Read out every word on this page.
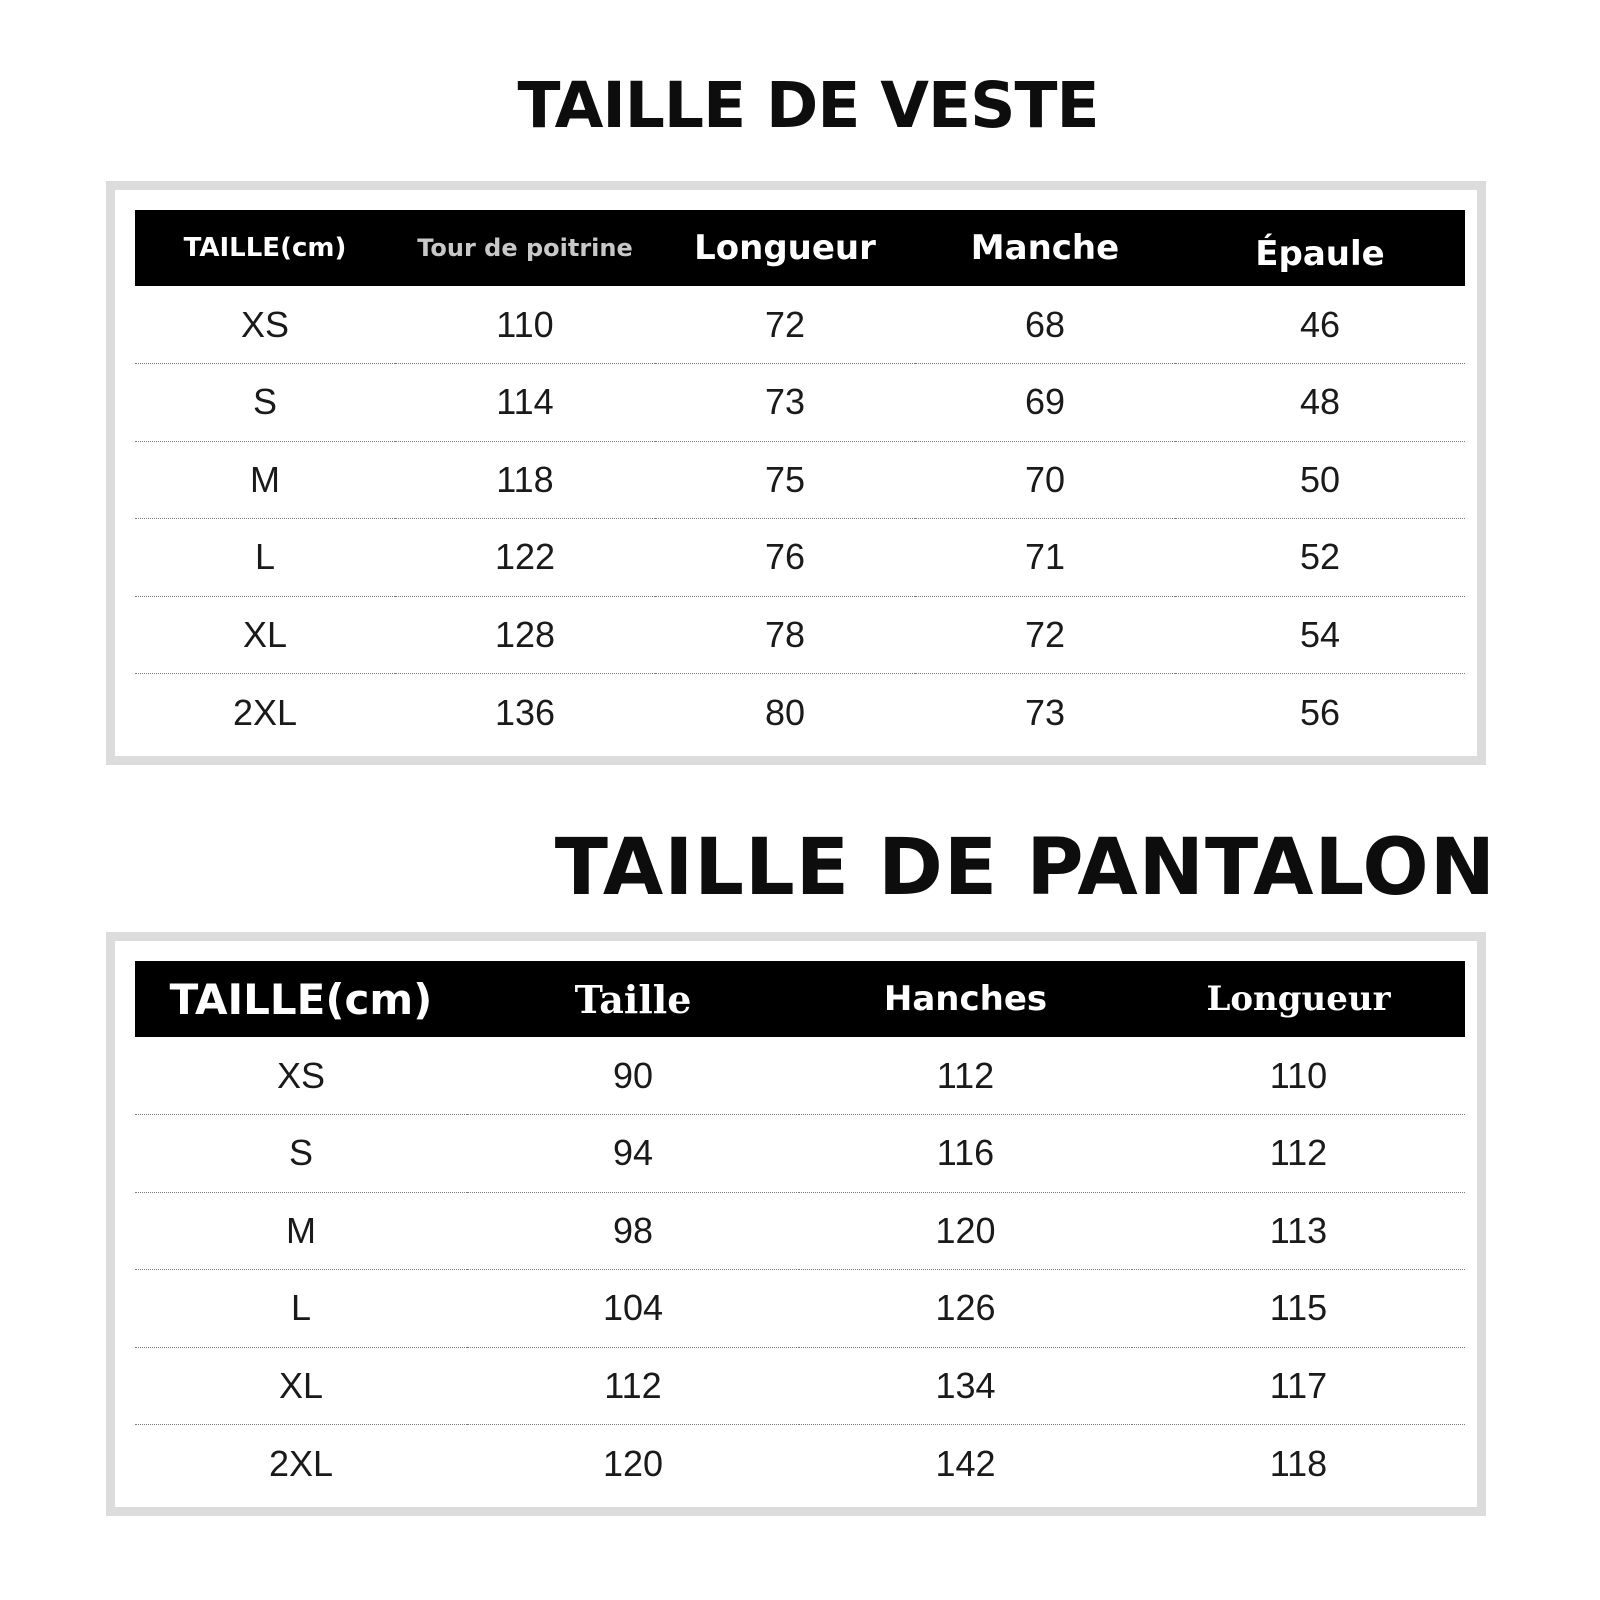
TAILLE DE VESTE
TAILLE(cm)	Tour de poitrine	Longueur	Manche	Épaule
XS	110	72	68	46
S	114	73	69	48
M	118	75	70	50
L	122	76	71	52
XL	128	78	72	54
2XL	136	80	73	56
TAILLE DE PANTALON
TAILLE(cm)	Taille	Hanches	Longueur
XS	90	112	110
S	94	116	112
M	98	120	113
L	104	126	115
XL	112	134	117
2XL	120	142	118
